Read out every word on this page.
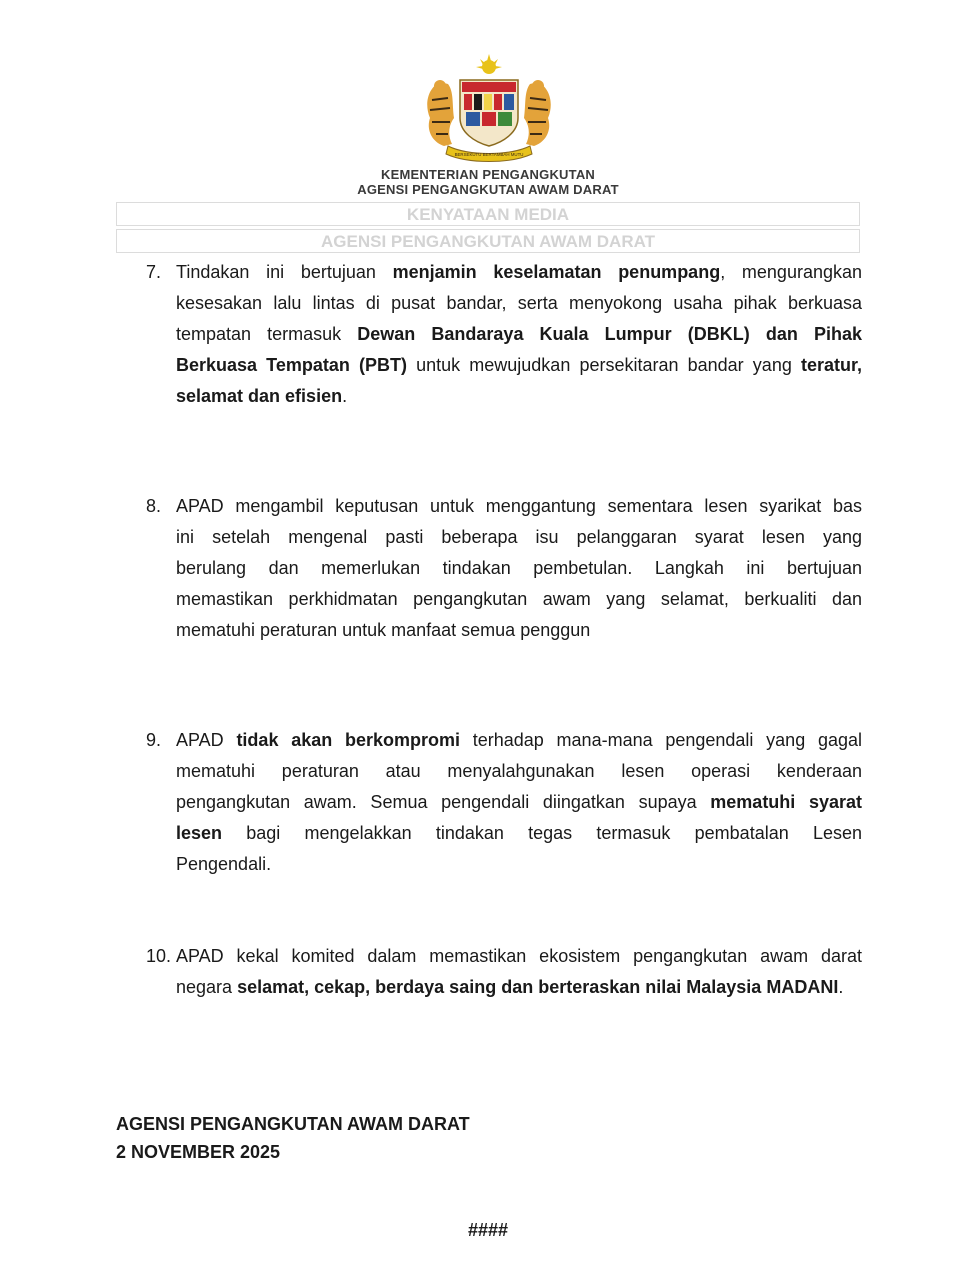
BERSEKUTU BERTAMBAH MUTU
KEMENTERIAN PENGANGKUTAN
AGENSI PENGANGKUTAN AWAM DARAT
KENYATAAN MEDIA
AGENSI PENGANGKUTAN AWAM DARAT
7. Tindakan ini bertujuan menjamin keselamatan penumpang, mengurangkan
kesesakan lalu lintas di pusat bandar, serta menyokong usaha pihak berkuasa
tempatan termasuk Dewan Bandaraya Kuala Lumpur (DBKL) dan Pihak
Berkuasa Tempatan (PBT) untuk mewujudkan persekitaran bandar yang teratur,
selamat dan efisien.
8. APAD mengambil keputusan untuk menggantung sementara lesen syarikat bas
ini setelah mengenal pasti beberapa isu pelanggaran syarat lesen yang
berulang dan memerlukan tindakan pembetulan. Langkah ini bertujuan
memastikan perkhidmatan pengangkutan awam yang selamat, berkualiti dan
mematuhi peraturan untuk manfaat semua penggun
9. APAD tidak akan berkompromi terhadap mana-mana pengendali yang gagal
mematuhi peraturan atau menyalahgunakan lesen operasi kenderaan
pengangkutan awam. Semua pengendali diingatkan supaya mematuhi syarat
lesen bagi mengelakkan tindakan tegas termasuk pembatalan Lesen
Pengendali.
10. APAD kekal komited dalam memastikan ekosistem pengangkutan awam darat
negara selamat, cekap, berdaya saing dan berteraskan nilai Malaysia MADANI.
AGENSI PENGANGKUTAN AWAM DARAT
2 NOVEMBER 2025
####
